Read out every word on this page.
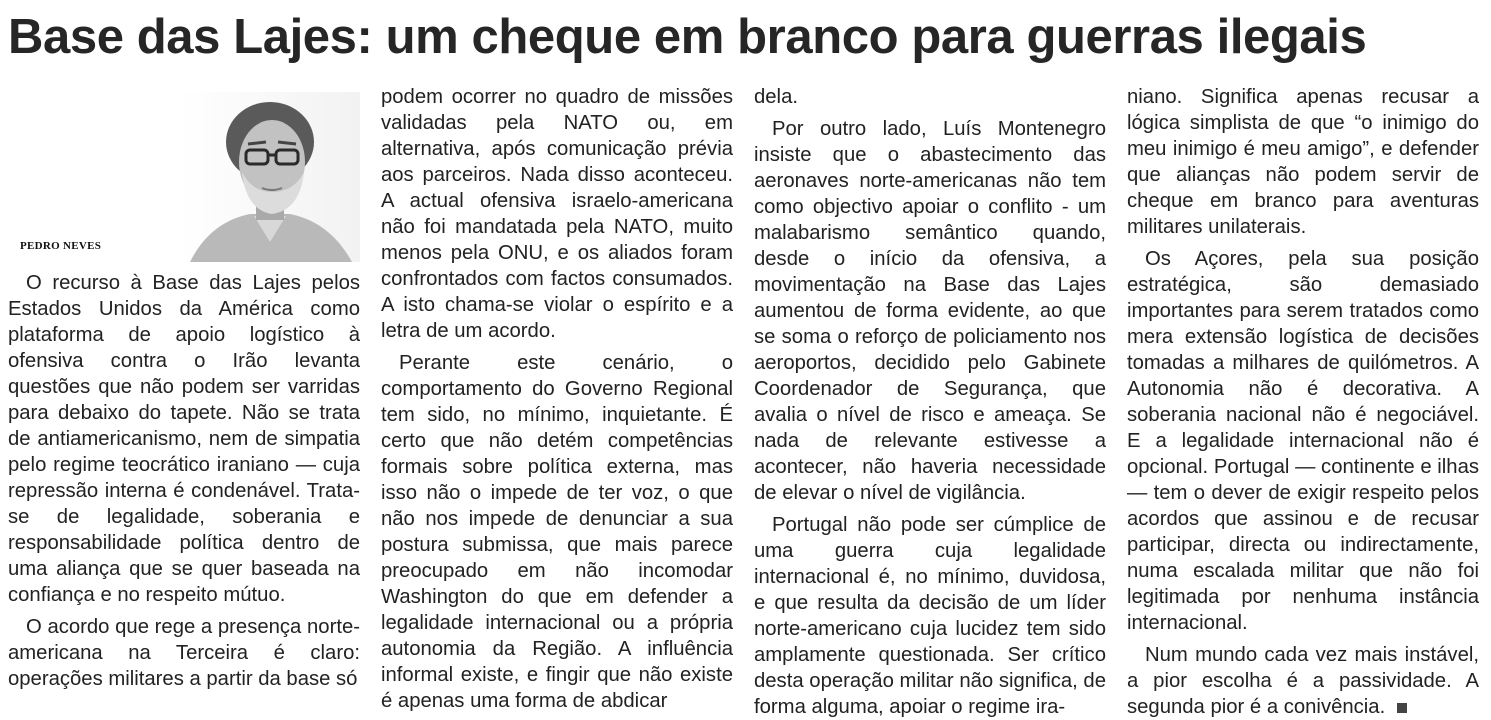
Base das Lajes: um cheque em branco para guerras ilegais
PEDRO NEVES

O recurso à Base das Lajes pelos Estados Unidos da América como plataforma de apoio logístico à ofensiva contra o Irão levanta questões que não podem ser varridas para debaixo do tapete. Não se trata de antiamericanismo, nem de simpatia pelo regime teocrático iraniano — cuja repressão interna é condenável. Trata-se de legalidade, soberania e responsabilidade política dentro de uma aliança que se quer baseada na confiança e no respeito mútuo.

O acordo que rege a presença norte-americana na Terceira é claro: operações militares a partir da base só

podem ocorrer no quadro de missões validadas pela NATO ou, em alternativa, após comunicação prévia aos parceiros. Nada disso aconteceu. A actual ofensiva israelo-americana não foi mandatada pela NATO, muito menos pela ONU, e os aliados foram confrontados com factos consumados. A isto chama-se violar o espírito e a letra de um acordo.

Perante este cenário, o comportamento do Governo Regional tem sido, no mínimo, inquietante. É certo que não detém competências formais sobre política externa, mas isso não o impede de ter voz, o que não nos impede de denunciar a sua postura submissa, que mais parece preocupado em não incomodar Washington do que em defender a legalidade internacional ou a própria autonomia da Região. A influência informal existe, e fingir que não existe é apenas uma forma de abdicar

dela.

Por outro lado, Luís Montenegro insiste que o abastecimento das aeronaves norte-americanas não tem como objectivo apoiar o conflito - um malabarismo semântico quando, desde o início da ofensiva, a movimentação na Base das Lajes aumentou de forma evidente, ao que se soma o reforço de policiamento nos aeroportos, decidido pelo Gabinete Coordenador de Segurança, que avalia o nível de risco e ameaça. Se nada de relevante estivesse a acontecer, não haveria necessidade de elevar o nível de vigilância.

Portugal não pode ser cúmplice de uma guerra cuja legalidade internacional é, no mínimo, duvidosa, e que resulta da decisão de um líder norte-americano cuja lucidez tem sido amplamente questionada. Ser crítico desta operação militar não significa, de forma alguma, apoiar o regime ira-

niano. Significa apenas recusar a lógica simplista de que “o inimigo do meu inimigo é meu amigo”, e defender que alianças não podem servir de cheque em branco para aventuras militares unilaterais.

Os Açores, pela sua posição estratégica, são demasiado importantes para serem tratados como mera extensão logística de decisões tomadas a milhares de quilómetros. A Autonomia não é decorativa. A soberania nacional não é negociável. E a legalidade internacional não é opcional. Portugal — continente e ilhas — tem o dever de exigir respeito pelos acordos que assinou e de recusar participar, directa ou indirectamente, numa escalada militar que não foi legitimada por nenhuma instância internacional.

Num mundo cada vez mais instável, a pior escolha é a passividade. A segunda pior é a conivência.
